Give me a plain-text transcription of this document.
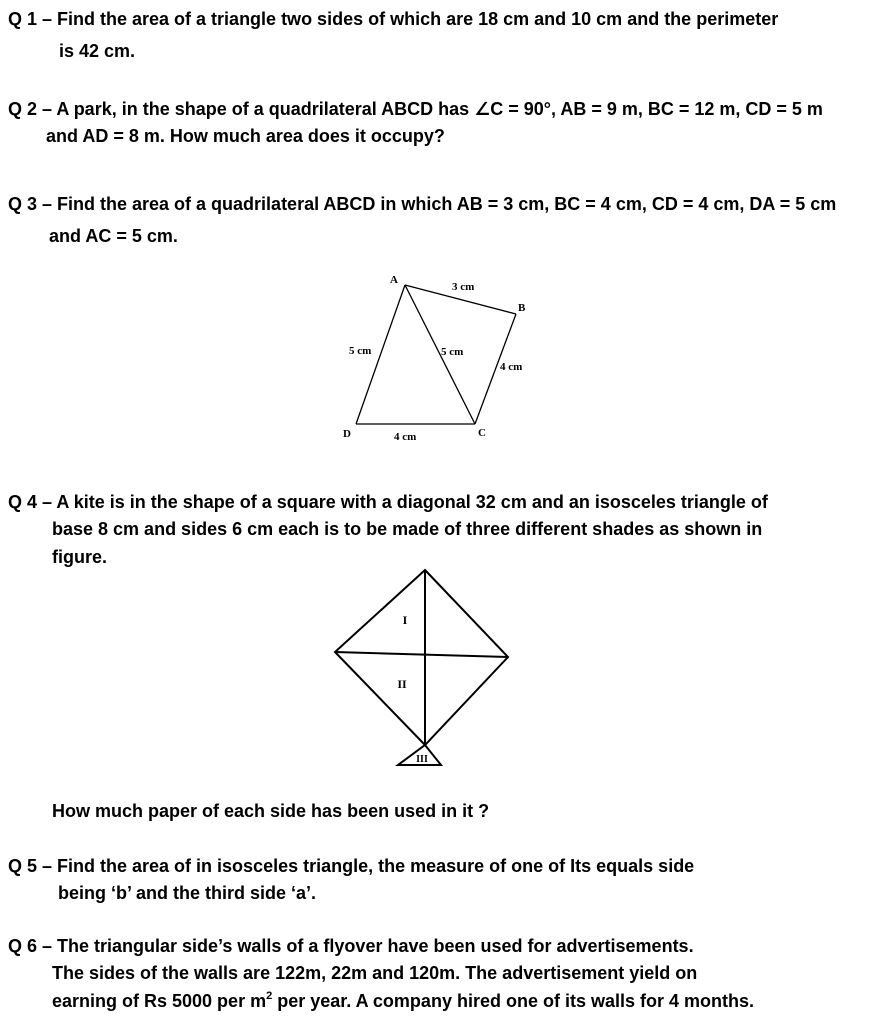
Q 1 – Find the area of a triangle two sides of which are 18 cm and 10 cm and the perimeter
is 42 cm.
Q 2 – A park, in the shape of a quadrilateral ABCD has ∠C = 90°, AB = 9 m, BC = 12 m, CD = 5 m
and AD = 8 m. How much area does it occupy?
Q 3 – Find the area of a quadrilateral ABCD in which AB = 3 cm, BC = 4 cm, CD = 4 cm, DA = 5 cm
and AC = 5 cm.
A
B
C
D
3 cm
5 cm	5 cm
4 cm
4 cm
Q 4 – A kite is in the shape of a square with a diagonal 32 cm and an isosceles triangle of
base 8 cm and sides 6 cm each is to be made of three different shades as shown in
figure.
I
II
III
How much paper of each side has been used in it ?
Q 5 – Find the area of in isosceles triangle, the measure of one of Its equals side
being ‘b’ and the third side ‘a’.
Q 6 – The triangular side’s walls of a flyover have been used for advertisements.
The sides of the walls are 122m, 22m and 120m. The advertisement yield on
earning of Rs 5000 per $m^2$ per year. A company hired one of its walls for 4 months.
